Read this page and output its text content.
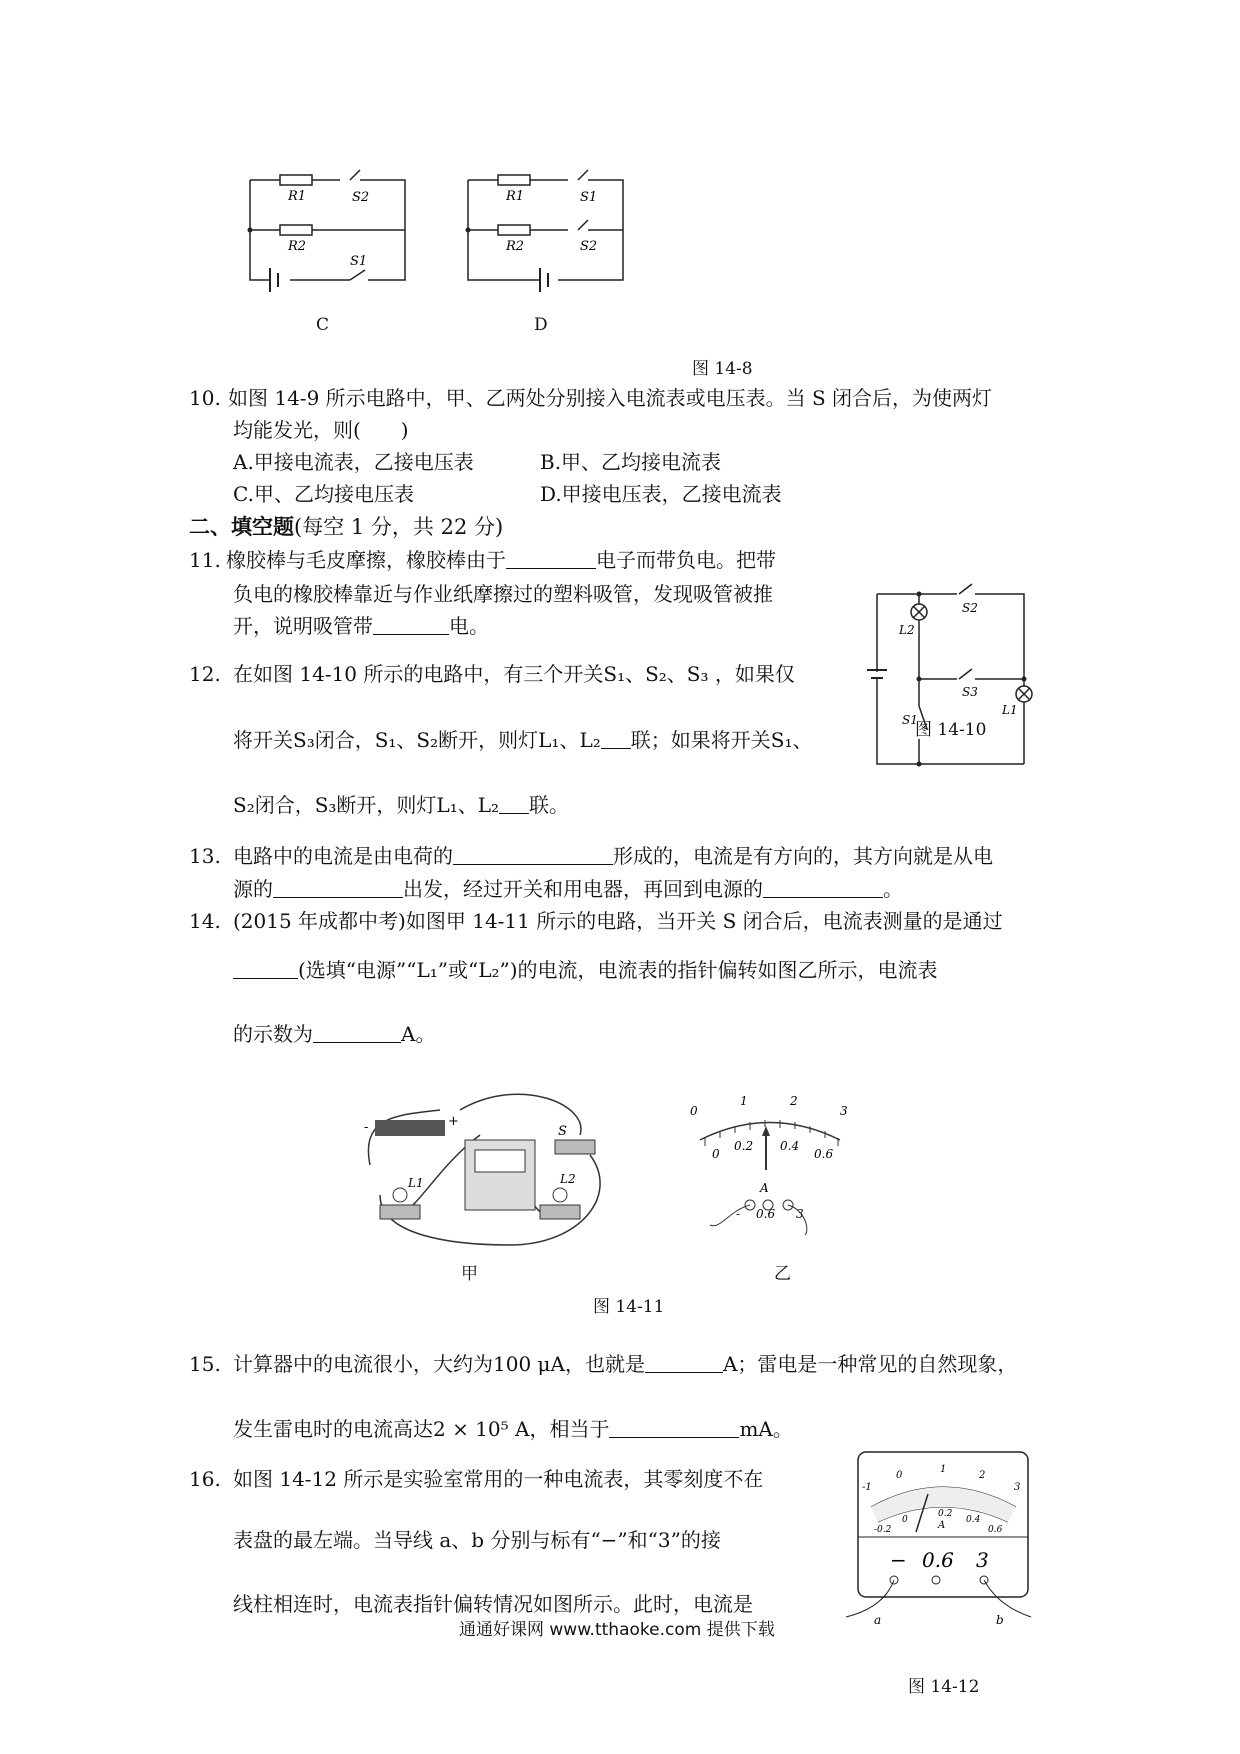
R1	S2
R2
S1
C
R1	S1
R2	S2
D
图 14-8
10. 如图 14-9 所示电路中，甲、乙两处分别接入电流表或电压表。当 S 闭合后，为使两灯
均能发光，则(　　)
A.甲接电流表，乙接电压表	B.甲、乙均接电流表
C.甲、乙均接电压表	D.甲接电压表，乙接电流表
二、填空题(每空 1 分，共 22 分)
11. 橡胶棒与毛皮摩擦，橡胶棒由于	电子而带负电。把带
负电的橡胶棒靠近与作业纸摩擦过的塑料吸管，发现吸管被推
开，说明吸管带	电。	L2
S2
S3
S1
L1
图 14-10
12. 在如图 14-10 所示的电路中，有三个开关S₁、S₂、S₃ ，如果仅
将开关S₃闭合，S₁、S₂断开，则灯L₁、L₂ 联；如果将开关S₁、
S₂闭合，S₃断开，则灯L₁、L₂ 联。
13. 电路中的电流是由电荷的	形成的，电流是有方向的，其方向就是从电
源的	出发，经过开关和用电器，再回到电源的	。
14. (2015 年成都中考)如图甲 14-11 所示的电路，当开关 S 闭合后，电流表测量的是通过
(选填“电源”“L₁”或“L₂”)的电流，电流表的指针偏转如图乙所示，电流表
的示数为	A。
-	+
S
L1	L2
甲
0
1	2
3
0
0.2 0.4
0.6
A
- 0.6 3
乙
图 14-11
15. 计算器中的电流很小，大约为100 μA，也就是	A；雷电是一种常见的自然现象，
发生雷电时的电流高达2 × 10⁵ A，相当于	mA。
16. 如图 14-12 所示是实验室常用的一种电流表，其零刻度不在
表盘的最左端。当导线 a、b 分别与标有“−”和“3”的接
线柱相连时，电流表指针偏转情况如图所示。此时，电流是
-1
0
1
2
3
-0.2
0
0.2
0.4
0.6
A
− 0.6 3
a	b
图 14-12
通通好课网 www.tthaoke.com 提供下载
